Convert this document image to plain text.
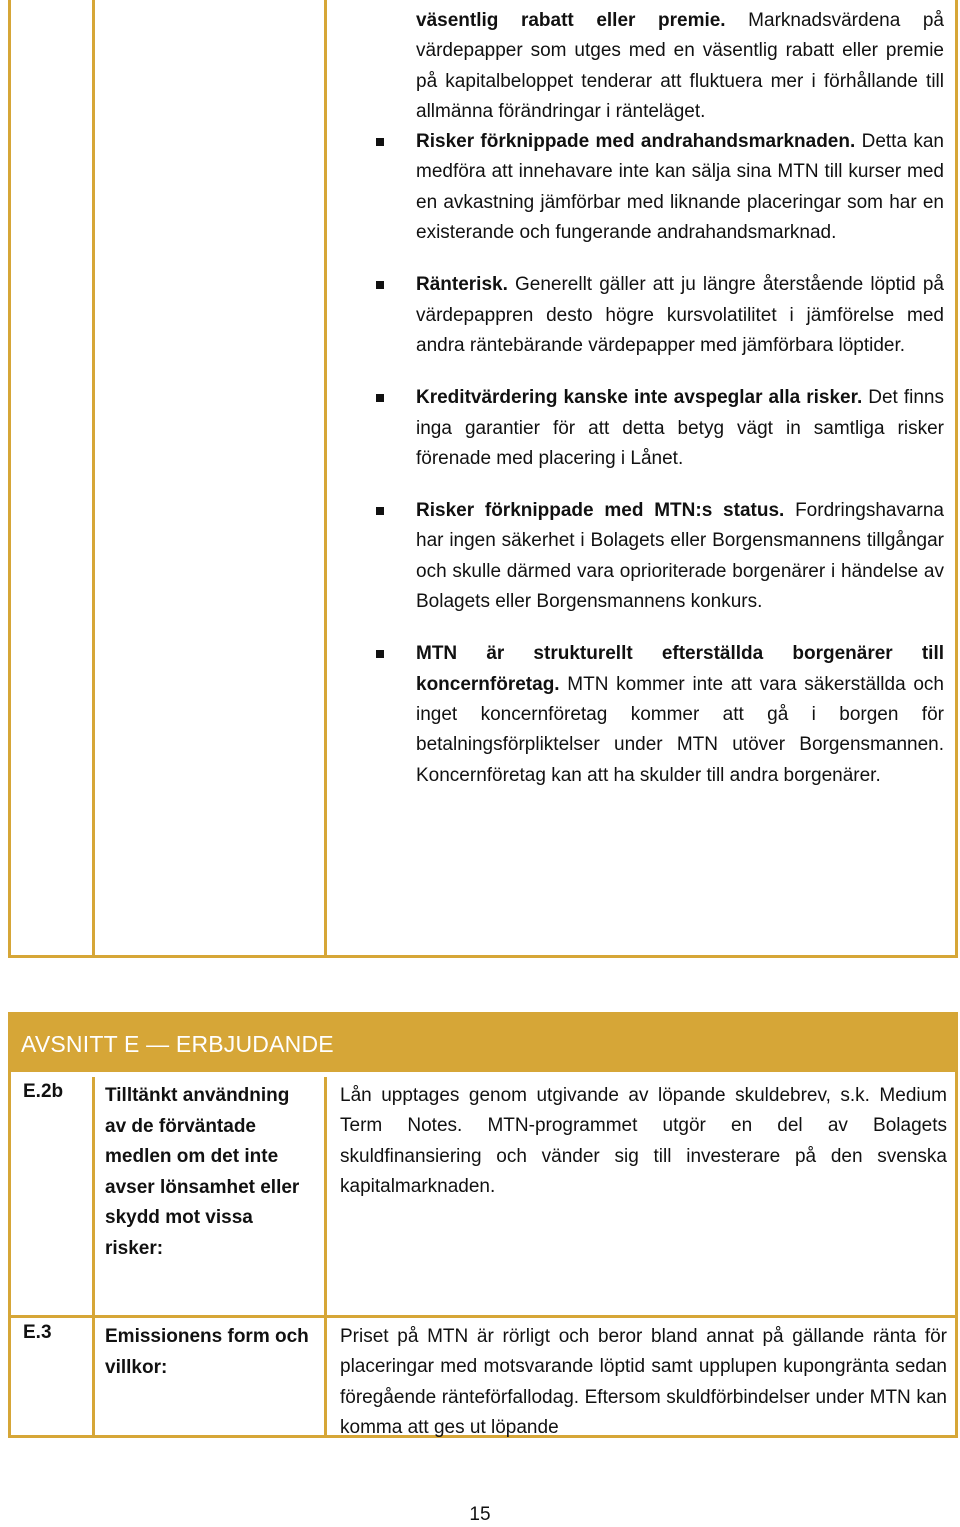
väsentlig rabatt eller premie. Marknadsvärdena på värdepapper som utges med en väsentlig rabatt eller premie på kapitalbeloppet tenderar att fluktuera mer i förhållande till allmänna förändringar i ränteläget.

Risker förknippade med andrahandsmarknaden. Detta kan medföra att innehavare inte kan sälja sina MTN till kurser med en avkastning jämförbar med liknande placeringar som har en existerande och fungerande andrahandsmarknad.

Ränterisk. Generellt gäller att ju längre återstående löptid på värdepappren desto högre kursvolatilitet i jämförelse med andra räntebärande värdepapper med jämförbara löptider.

Kreditvärdering kanske inte avspeglar alla risker. Det finns inga garantier för att detta betyg vägt in samtliga risker förenade med placering i Lånet.

Risker förknippade med MTN:s status. Fordringshavarna har ingen säkerhet i Bolagets eller Borgensmannens tillgångar och skulle därmed vara oprioriterade borgenärer i händelse av Bolagets eller Borgensmannens konkurs.

MTN är strukturellt efterställda borgenärer till koncernföretag. MTN kommer inte att vara säkerställda och inget koncernföretag kommer att gå i borgen för betalningsförpliktelser under MTN utöver Borgensmannen. Koncernföretag kan att ha skulder till andra borgenärer.

AVSNITT E — ERBJUDANDE
E.2b Tilltänkt användning av de förväntade medlen om det inte avser lönsamhet eller skydd mot vissa risker:
Lån upptages genom utgivande av löpande skuldebrev, s.k. Medium Term Notes. MTN-programmet utgör en del av Bolagets skuldfinansiering och vänder sig till investerare på den svenska kapitalmarknaden.
E.3	Emissionens form och villkor:
Priset på MTN är rörligt och beror bland annat på gällande ränta för placeringar med motsvarande löptid samt upplupen kupongränta sedan föregående ränteförfallodag. Eftersom skuldförbindelser under MTN kan komma att ges ut löpande
15
